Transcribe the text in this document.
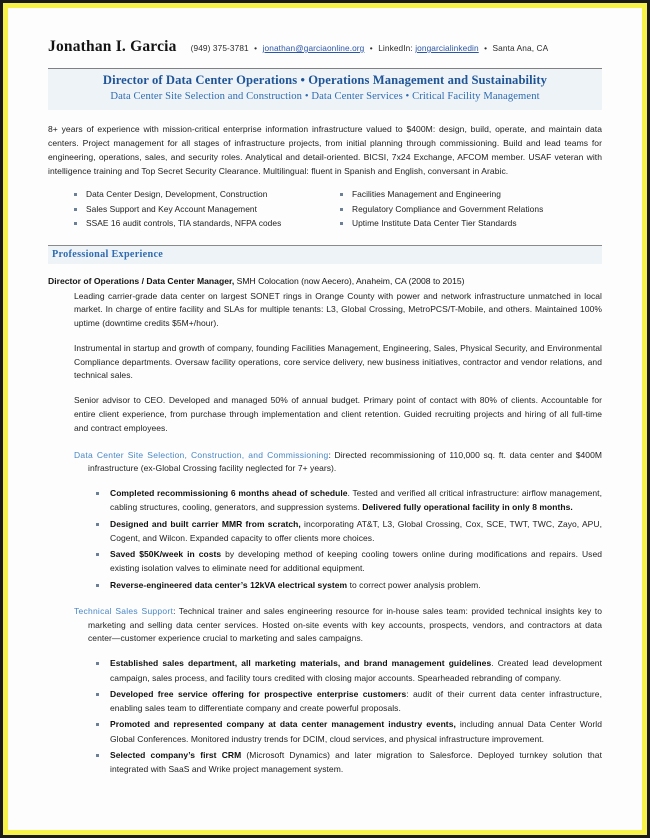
Jonathan I. Garcia (949) 375-3781 • jonathan@garciaonline.org • LinkedIn: jongarcialinkedin • Santa Ana, CA
Director of Data Center Operations • Operations Management and Sustainability
Data Center Site Selection and Construction • Data Center Services • Critical Facility Management
8+ years of experience with mission-critical enterprise information infrastructure valued to $400M: design, build, operate, and maintain data centers. Project management for all stages of infrastructure projects, from initial planning through commissioning. Build and lead teams for engineering, operations, sales, and security roles. Analytical and detail-oriented. BICSI, 7x24 Exchange, AFCOM member. USAF veteran with intelligence training and Top Secret Security Clearance. Multilingual: fluent in Spanish and English, conversant in Arabic.
Data Center Design, Development, Construction
Sales Support and Key Account Management
SSAE 16 audit controls, TIA standards, NFPA codes
Facilities Management and Engineering
Regulatory Compliance and Government Relations
Uptime Institute Data Center Tier Standards
Professional Experience
Director of Operations / Data Center Manager, SMH Colocation (now Aecero), Anaheim, CA (2008 to 2015)
Leading carrier-grade data center on largest SONET rings in Orange County with power and network infrastructure unmatched in local market. In charge of entire facility and SLAs for multiple tenants: L3, Global Crossing, MetroPCS/T-Mobile, and others. Maintained 100% uptime (downtime credits $5M+/hour).
Instrumental in startup and growth of company, founding Facilities Management, Engineering, Sales, Physical Security, and Environmental Compliance departments. Oversaw facility operations, core service delivery, new business initiatives, contractor and vendor relations, and technical sales.
Senior advisor to CEO. Developed and managed 50% of annual budget. Primary point of contact with 80% of clients. Accountable for entire client experience, from purchase through implementation and client retention. Guided recruiting projects and hiring of all full-time and contract employees.
Data Center Site Selection, Construction, and Commissioning: Directed recommissioning of 110,000 sq. ft. data center and $400M infrastructure (ex-Global Crossing facility neglected for 7+ years).
Completed recommissioning 6 months ahead of schedule. Tested and verified all critical infrastructure: airflow management, cabling structures, cooling, generators, and suppression systems. Delivered fully operational facility in only 8 months.
Designed and built carrier MMR from scratch, incorporating AT&T, L3, Global Crossing, Cox, SCE, TWT, TWC, Zayo, APU, Cogent, and Wilcon. Expanded capacity to offer clients more choices.
Saved $50K/week in costs by developing method of keeping cooling towers online during modifications and repairs. Used existing isolation valves to eliminate need for additional equipment.
Reverse-engineered data center’s 12kVA electrical system to correct power analysis problem.
Technical Sales Support: Technical trainer and sales engineering resource for in-house sales team: provided technical insights key to marketing and selling data center services. Hosted on-site events with key accounts, prospects, vendors, and contractors at data center—customer experience crucial to marketing and sales campaigns.
Established sales department, all marketing materials, and brand management guidelines. Created lead development campaign, sales process, and facility tours credited with closing major accounts. Spearheaded rebranding of company.
Developed free service offering for prospective enterprise customers: audit of their current data center infrastructure, enabling sales team to differentiate company and create powerful proposals.
Promoted and represented company at data center management industry events, including annual Data Center World Global Conferences. Monitored industry trends for DCIM, cloud services, and physical infrastructure improvement.
Selected company’s first CRM (Microsoft Dynamics) and later migration to Salesforce. Deployed turnkey solution that integrated with SaaS and Wrike project management system.
